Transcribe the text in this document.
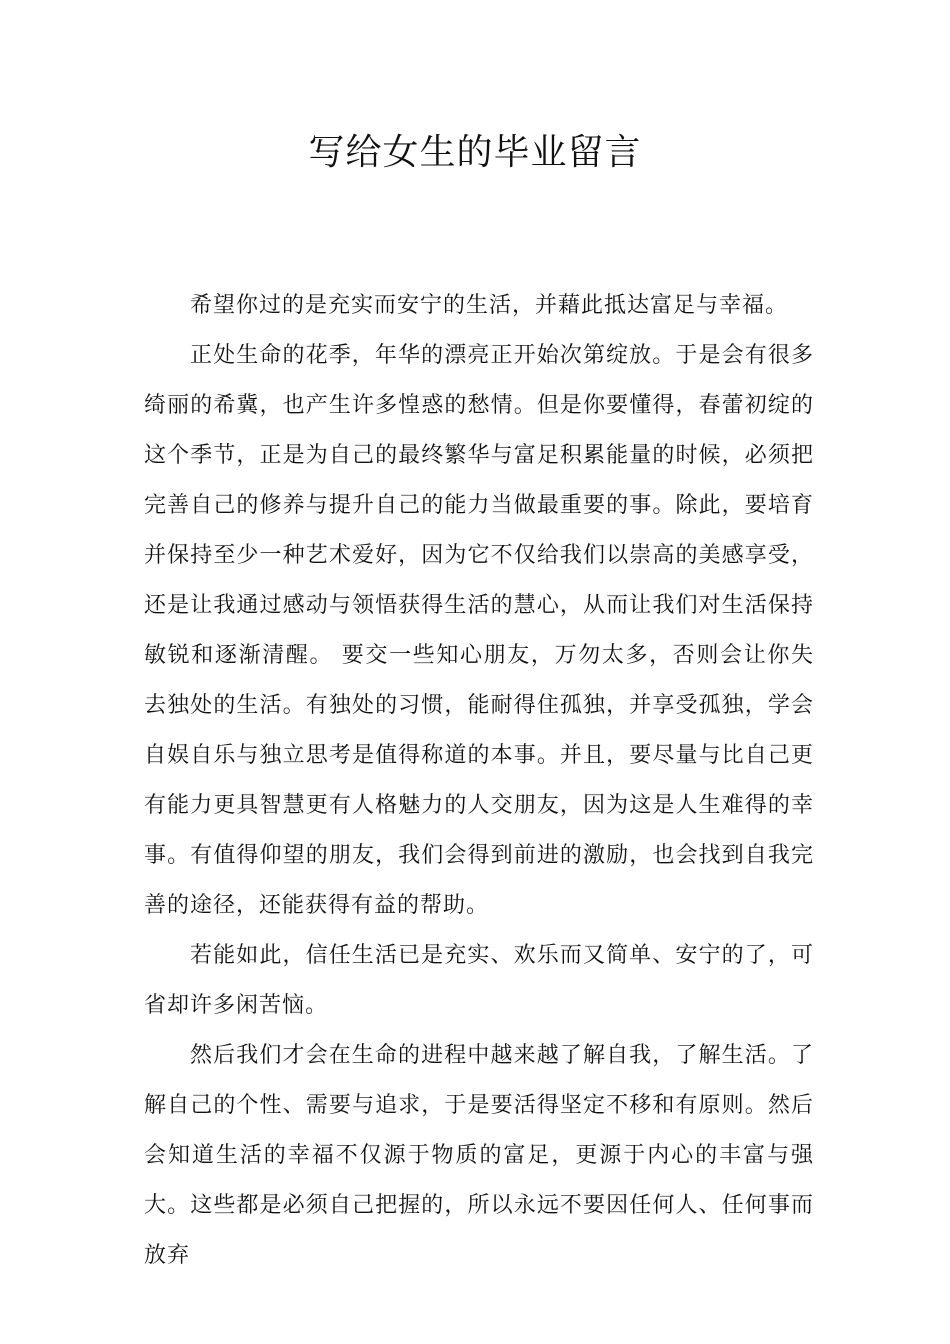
写给女生的毕业留言

希望你过的是充实而安宁的生活，并藉此抵达富足与幸福。

正处生命的花季，年华的漂亮正开始次第绽放。于是会有很多绮丽的希冀，也产生许多惶惑的愁情。但是你要懂得，春蕾初绽的这个季节，正是为自己的最终繁华与富足积累能量的时候，必须把完善自己的修养与提升自己的能力当做最重要的事。除此，要培育并保持至少一种艺术爱好，因为它不仅给我们以崇高的美感享受，还是让我通过感动与领悟获得生活的慧心，从而让我们对生活保持敏锐和逐渐清醒。 要交一些知心朋友，万勿太多，否则会让你失去独处的生活。有独处的习惯，能耐得住孤独，并享受孤独，学会自娱自乐与独立思考是值得称道的本事。并且，要尽量与比自己更有能力更具智慧更有人格魅力的人交朋友，因为这是人生难得的幸事。有值得仰望的朋友，我们会得到前进的激励，也会找到自我完善的途径，还能获得有益的帮助。

若能如此，信任生活已是充实、欢乐而又简单、安宁的了，可省却许多闲苦恼。

然后我们才会在生命的进程中越来越了解自我，了解生活。了解自己的个性、需要与追求，于是要活得坚定不移和有原则。然后会知道生活的幸福不仅源于物质的富足，更源于内心的丰富与强大。这些都是必须自己把握的，所以永远不要因任何人、任何事而放弃
